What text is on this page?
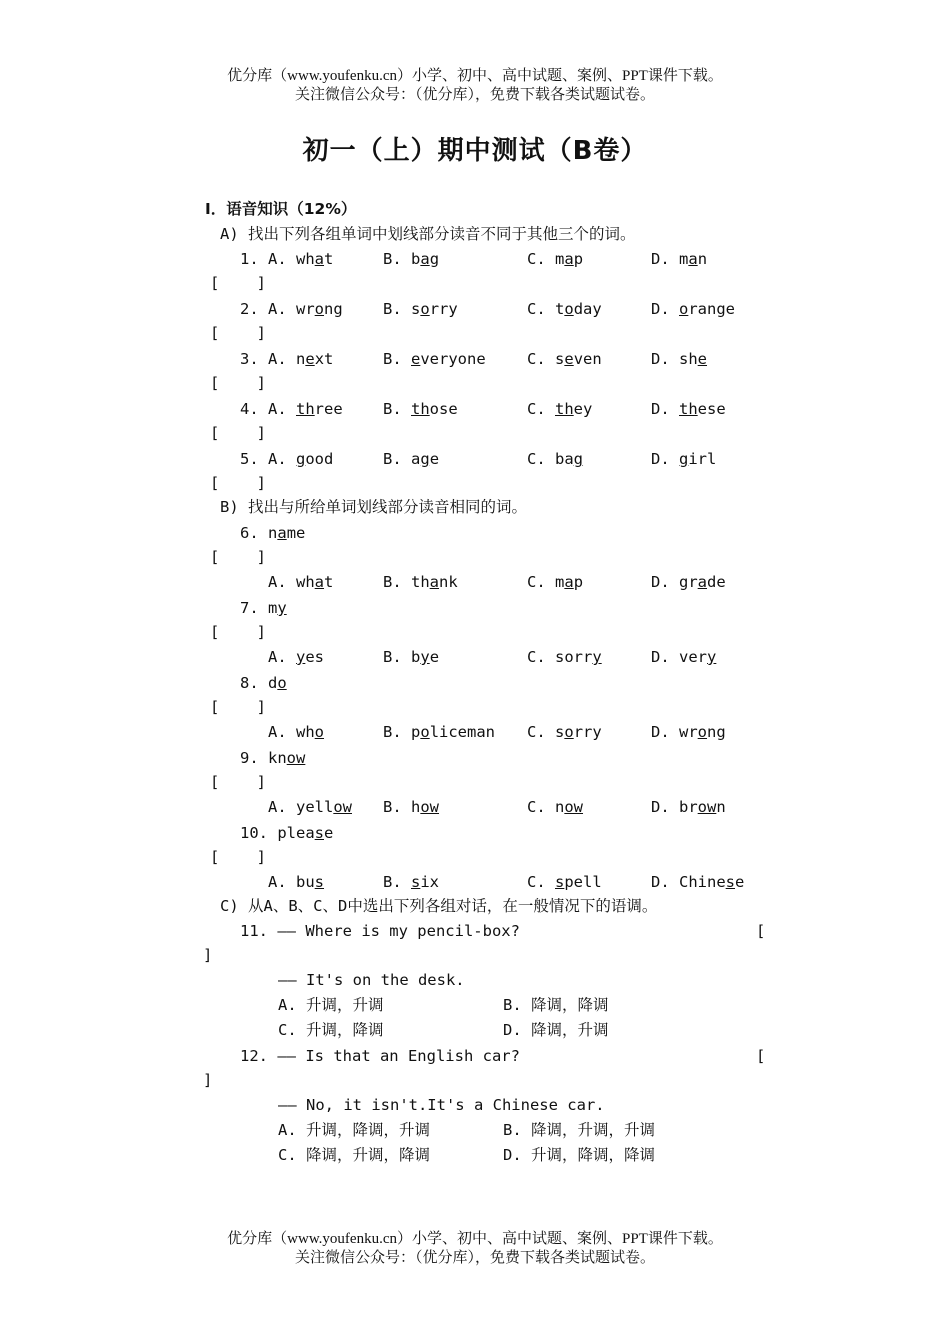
优分库（www.youfenku.cn）小学、初中、高中试题、案例、PPT课件下载。
关注微信公众号：（优分库），免费下载各类试题试卷。
初一（上）期中测试（B卷）
I．语音知识（12%）
A) 找出下列各组单词中划线部分读音不同于其他三个的词。
1. A. what	B. bag	C. map	D. man
[    ]
2. A. wrong	B. sorry	C. today	D. orange
[    ]
3. A. next	B. everyone	C. seven	D. she
[    ]
4. A. three	B. those	C. they	D. these
[    ]
5. A. good	B. age	C. bag	D. girl
[    ]
B) 找出与所给单词划线部分读音相同的词。
6. name
[    ]
A. what	B. thank	C. map	D. grade
7. my
[    ]
A. yes	B. bye	C. sorry	D. very
8. do
[    ]
A. who	B. policeman C. sorry	D. wrong
9. know
[    ]
A. yellow B. how	C. now	D. brown
10. please
[    ]
A. bus	B. six	C. spell	D. Chinese
C) 从A、B、C、D中选出下列各组对话，在一般情况下的语调。
11. —— Where is my pencil-box?	[
]
—— It's on the desk.
A. 升调，升调	B. 降调，降调
C. 升调，降调	D. 降调，升调
12. —— Is that an English car?	[
]
—— No, it isn't.It's a Chinese car.
A. 升调，降调，升调	B. 降调，升调，升调
C. 降调，升调，降调	D. 升调，降调，降调
优分库（www.youfenku.cn）小学、初中、高中试题、案例、PPT课件下载。
关注微信公众号：（优分库），免费下载各类试题试卷。
